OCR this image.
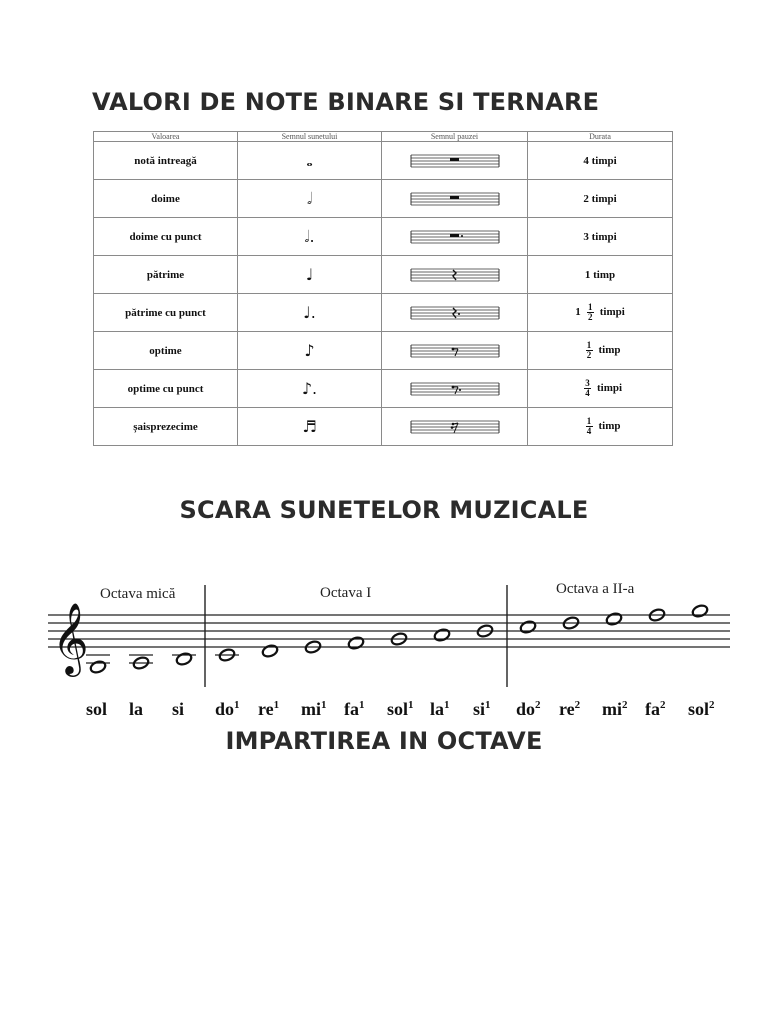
VALORI DE NOTE BINARE SI TERNARE
Valoarea	Semnul sunetului	Semnul pauzei	Durata
notă intreagă	𝅝		4 timpi
doime	𝅗𝅥		2 timpi
doime cu punct	𝅗𝅥.		3 timpi
pătrime	♩		1 timp
pătrime cu punct	♩.		$1 \frac{1}{2}$ timpi
optime	♪		$\frac{1}{2}$ timp
optime cu punct	♪.		$\frac{3}{4}$ timpi
șaisprezecime	♬		$\frac{1}{4}$ timp
SCARA SUNETELOR MUZICALE
𝄞
Octava mică	Octava I	Octava a II-a
sol la si $do^1$ $re^1$ $mi^1$ $fa^1$ sol$^1$ $la^1$ $si^1$ $do^2$ $re^2$ $mi^2$ $fa^2$ sol$^2$
IMPARTIREA IN OCTAVE
